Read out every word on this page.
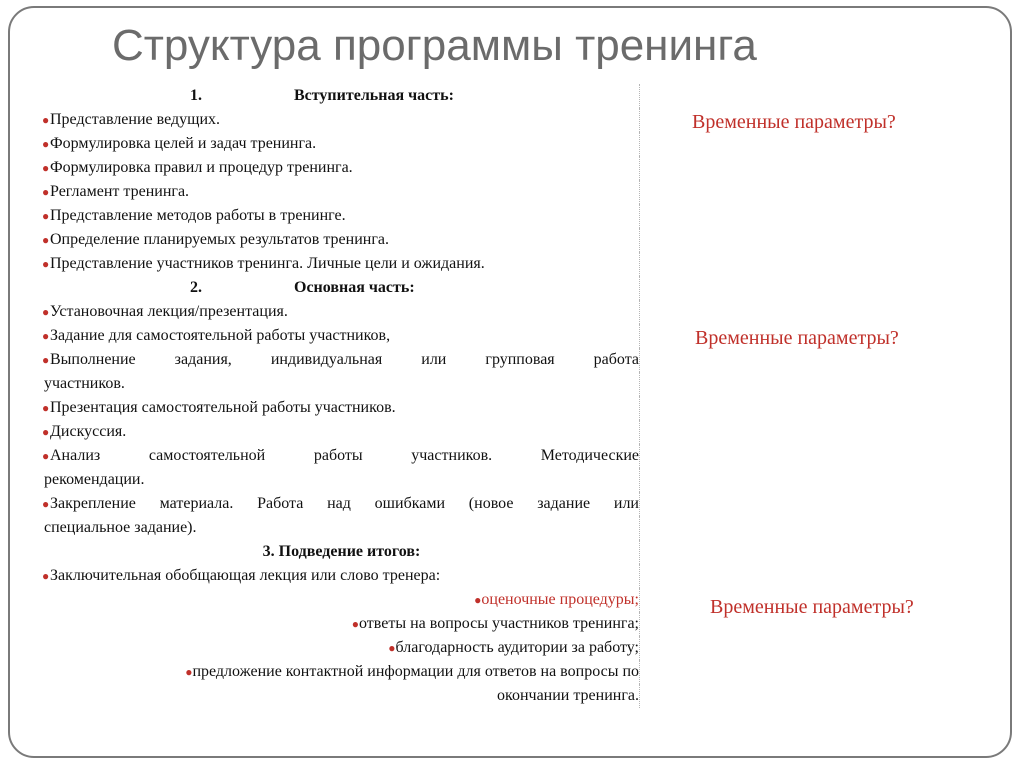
Структура программы тренинга
1.	Вступительная часть:
●Представление ведущих.
●Формулировка целей и задач тренинга.
●Формулировка правил и процедур тренинга.
●Регламент тренинга.
●Представление методов работы в тренинге.
●Определение планируемых результатов тренинга.
●Представление участников тренинга. Личные цели и ожидания.
2.	Основная часть:
●Установочная лекция/презентация.
●Задание для самостоятельной работы участников,
●Выполнение задания, индивидуальная или групповая работа
участников.
●Презентация самостоятельной работы участников.
●Дискуссия.
●Анализ самостоятельной работы участников. Методические
рекомендации.
●Закрепление материала. Работа над ошибками (новое задание или
специальное задание).
3. Подведение итогов:
●Заключительная обобщающая лекция или слово тренера:
●оценочные процедуры;
●ответы на вопросы участников тренинга;
●благодарность аудитории за работу;
●предложение контактной информации для ответов на вопросы по
окончании тренинга.
Временные параметры?
Временные параметры?
Временные параметры?
